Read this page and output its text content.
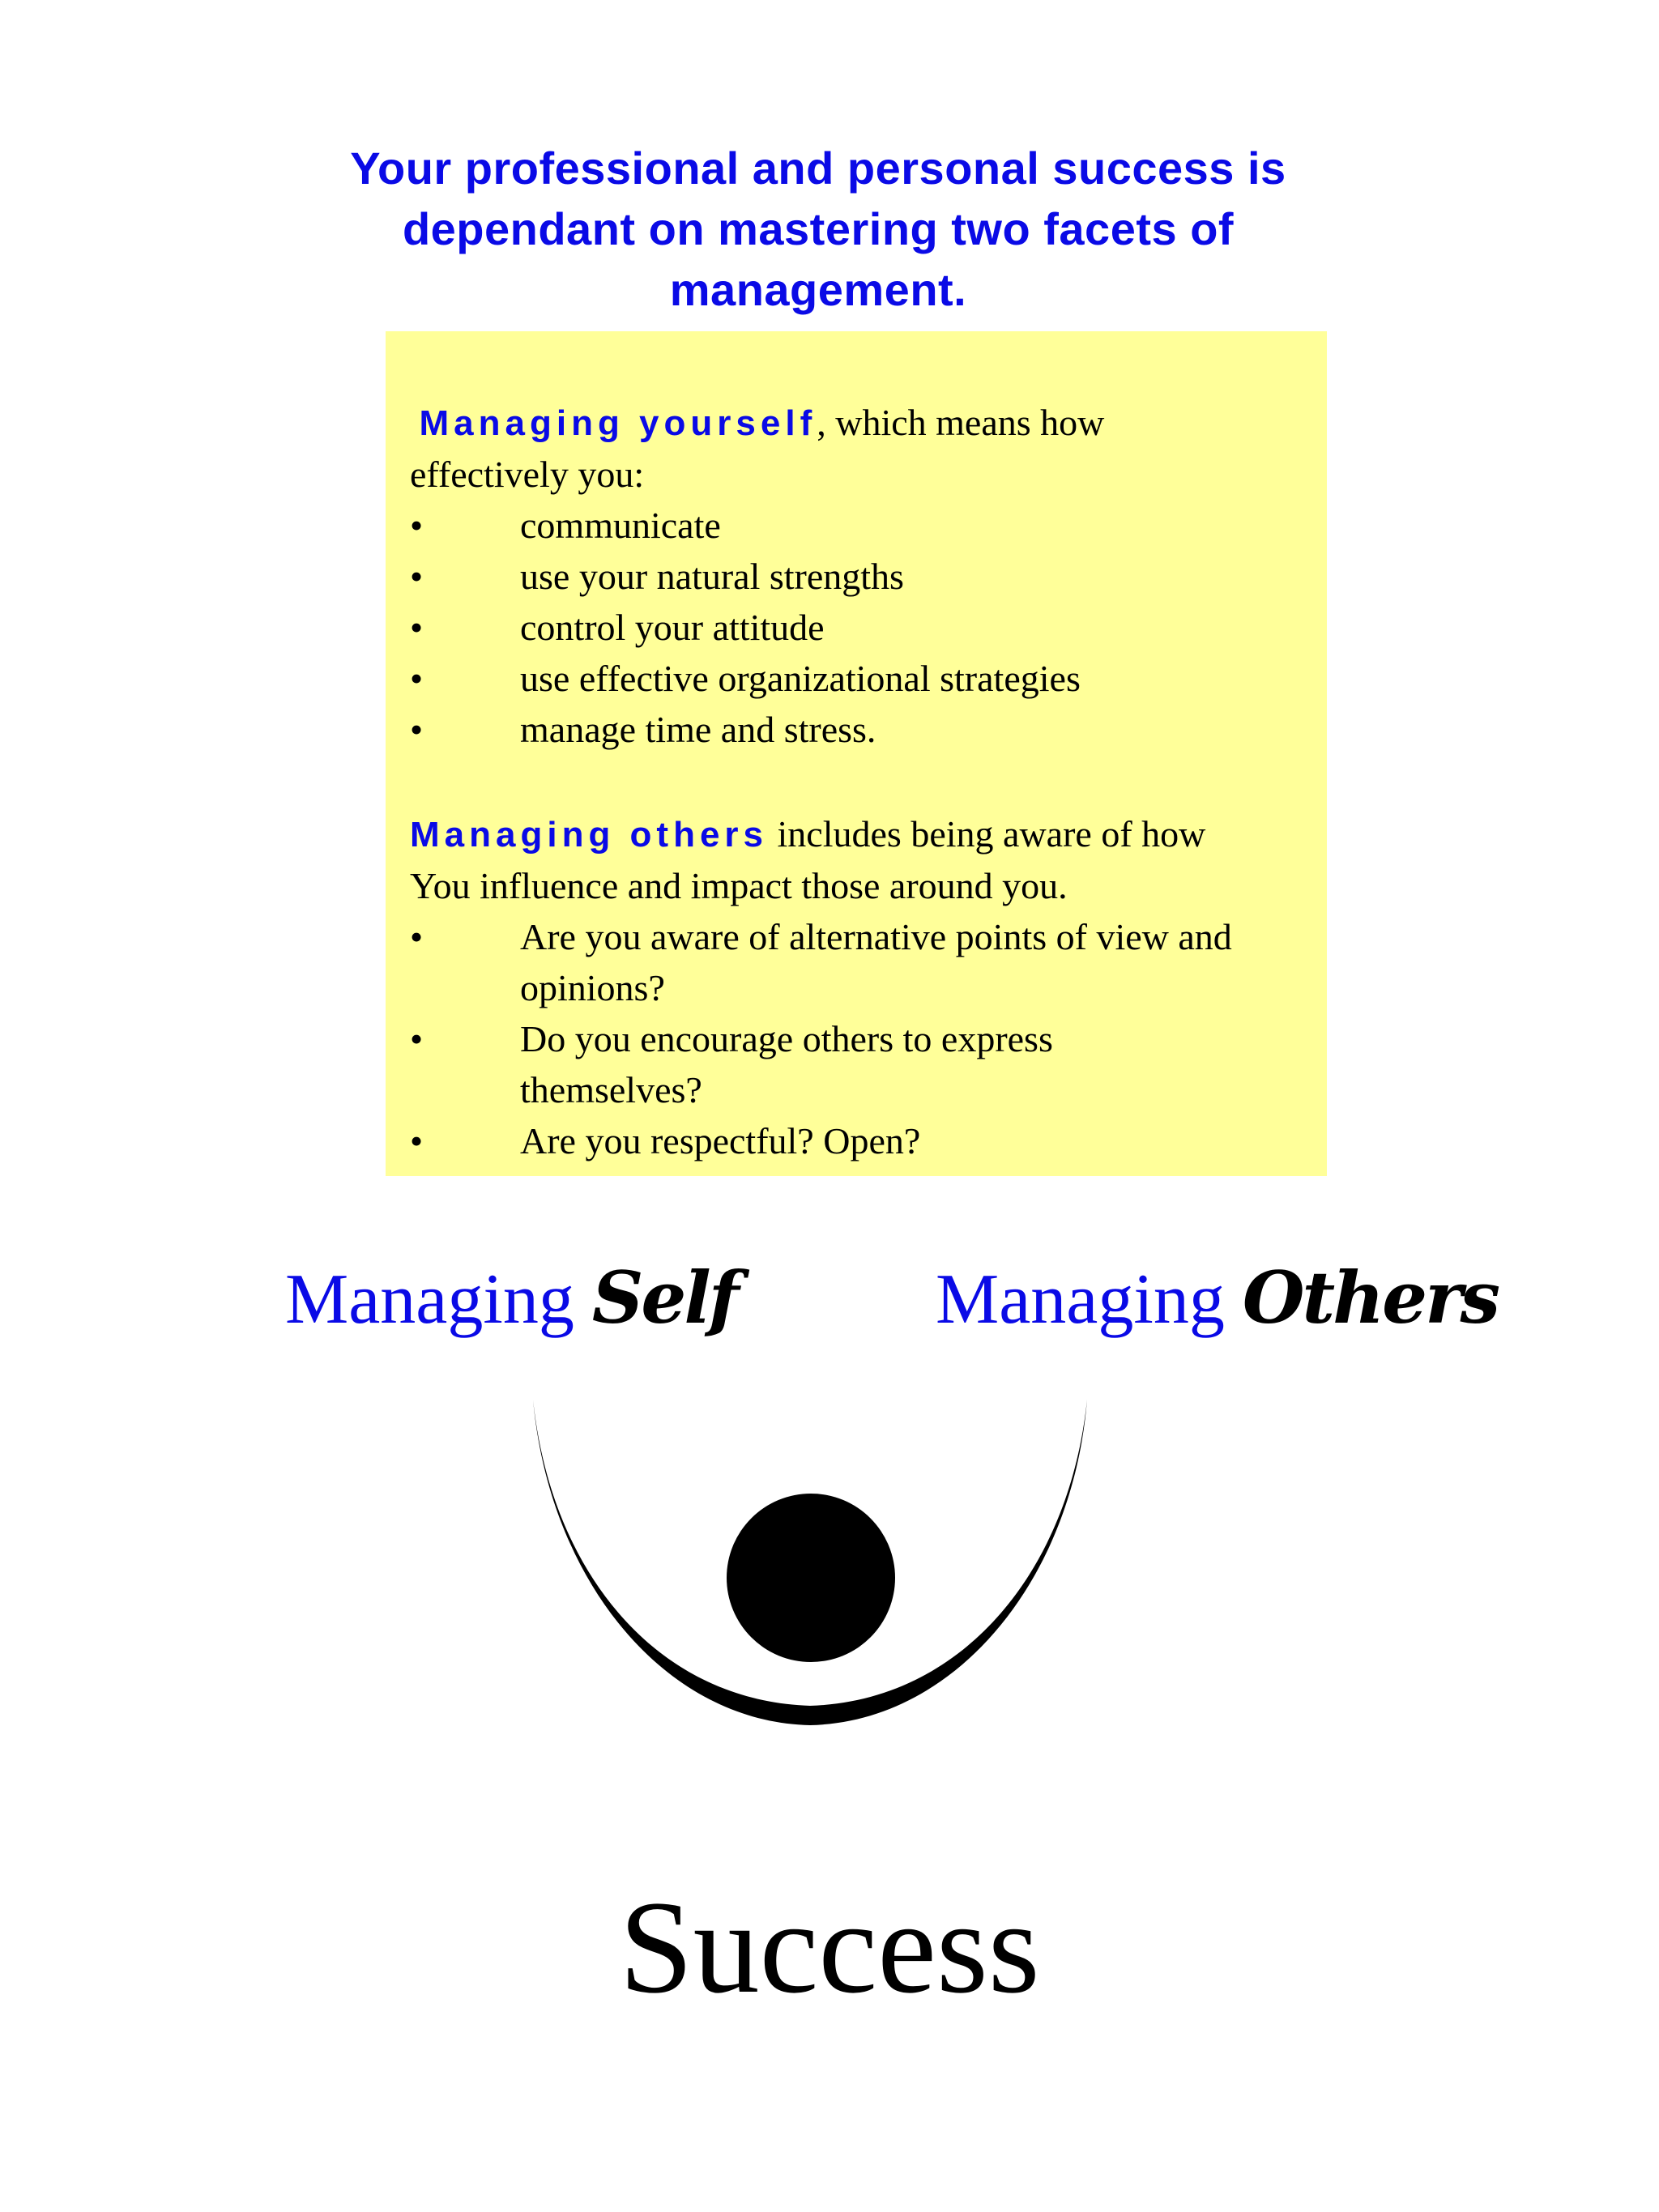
Your professional and personal success is
dependant on mastering two facets of
management.

Managing yourself, which means how

effectively you:

•	communicate
•	use your natural strengths
•	control your attitude
•	use effective organizational strategies
•	manage time and stress.

Managing others includes being aware of how

You influence and impact those around you.

•	Are you aware of alternative points of view and opinions?
•	Do you encourage others to express themselves?
•	Are you respectful? Open?
Managing Self	Managing Others
Success
